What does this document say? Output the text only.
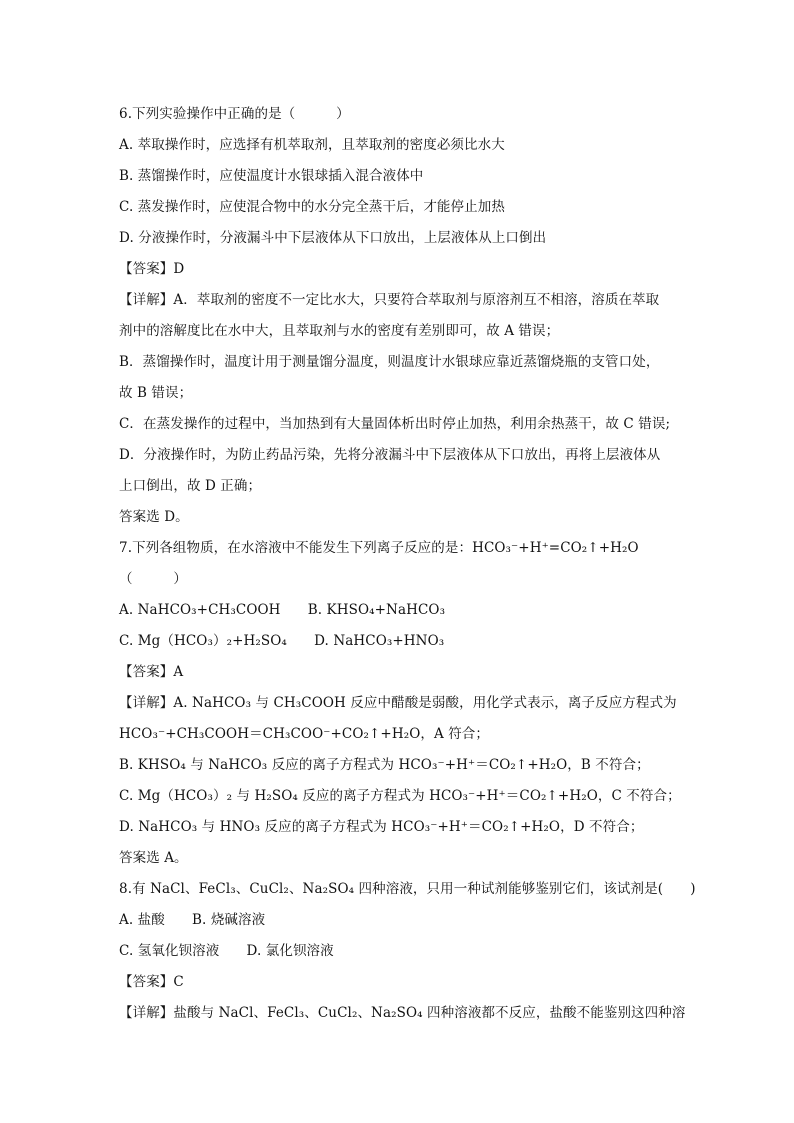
6.下列实验操作中正确的是（　　　）
A. 萃取操作时，应选择有机萃取剂，且萃取剂的密度必须比水大
B. 蒸馏操作时，应使温度计水银球插入混合液体中
C. 蒸发操作时，应使混合物中的水分完全蒸干后，才能停止加热
D. 分液操作时，分液漏斗中下层液体从下口放出，上层液体从上口倒出
【答案】D
【详解】A．萃取剂的密度不一定比水大，只要符合萃取剂与原溶剂互不相溶，溶质在萃取
剂中的溶解度比在水中大，且萃取剂与水的密度有差别即可，故 A 错误；
B．蒸馏操作时，温度计用于测量馏分温度，则温度计水银球应靠近蒸馏烧瓶的支管口处，
故 B 错误；
C．在蒸发操作的过程中，当加热到有大量固体析出时停止加热，利用余热蒸干，故 C 错误;
D．分液操作时，为防止药品污染，先将分液漏斗中下层液体从下口放出，再将上层液体从
上口倒出，故 D 正确；
答案选 D。
7.下列各组物质，在水溶液中不能发生下列离子反应的是：HCO₃⁻+H⁺=CO₂↑+H₂O
（　　　）
A. NaHCO₃+CH₃COOH　　B. KHSO₄+NaHCO₃
C. Mg（HCO₃）₂+H₂SO₄　　D. NaHCO₃+HNO₃
【答案】A
【详解】A. NaHCO₃ 与 CH₃COOH 反应中醋酸是弱酸，用化学式表示，离子反应方程式为
HCO₃⁻+CH₃COOH＝CH₃COO⁻+CO₂↑+H₂O，A 符合；
B. KHSO₄ 与 NaHCO₃ 反应的离子方程式为 HCO₃⁻+H⁺＝CO₂↑+H₂O，B 不符合；
C. Mg（HCO₃）₂ 与 H₂SO₄ 反应的离子方程式为 HCO₃⁻+H⁺＝CO₂↑+H₂O，C 不符合；
D. NaHCO₃ 与 HNO₃ 反应的离子方程式为 HCO₃⁻+H⁺＝CO₂↑+H₂O，D 不符合；
答案选 A。
8.有 NaCl、FeCl₃、CuCl₂、Na₂SO₄ 四种溶液，只用一种试剂能够鉴别它们，该试剂是(　　)
A. 盐酸　　B. 烧碱溶液
C. 氢氧化钡溶液　　D. 氯化钡溶液
【答案】C
【详解】盐酸与 NaCl、FeCl₃、CuCl₂、Na₂SO₄ 四种溶液都不反应，盐酸不能鉴别这四种溶
